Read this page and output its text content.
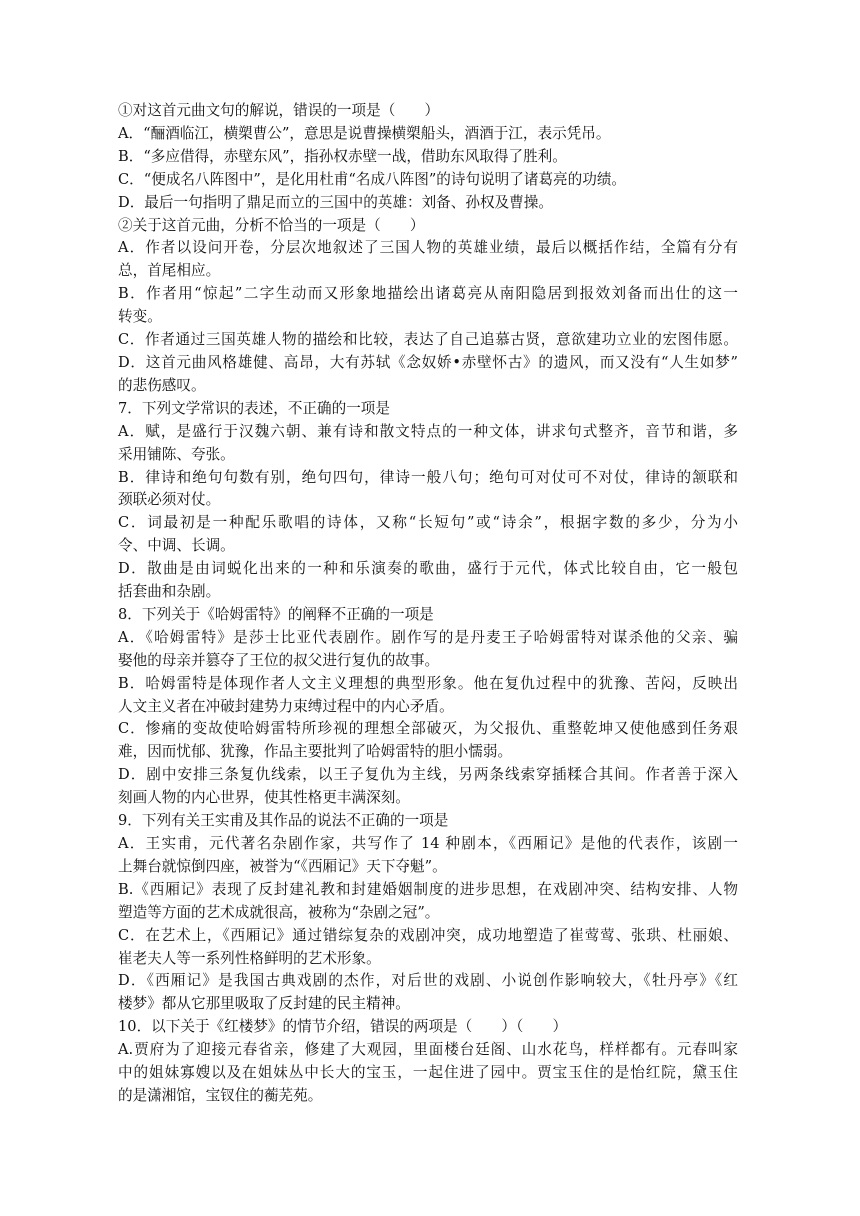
①对这首元曲文句的解说，错误的一项是（　　）
A．“酾酒临江，横槊曹公”，意思是说曹操横槊船头，酒酒于江，表示凭吊。
B．“多应借得，赤壁东风”，指孙权赤壁一战，借助东风取得了胜利。
C．“便成名八阵图中”，是化用杜甫“名成八阵图”的诗句说明了诸葛亮的功绩。
D．最后一句指明了鼎足而立的三国中的英雄：刘备、孙权及曹操。
②关于这首元曲，分析不恰当的一项是（　　）
A．作者以设问开卷，分层次地叙述了三国人物的英雄业绩，最后以概括作结，全篇有分有
总，首尾相应。
B．作者用“惊起”二字生动而又形象地描绘出诸葛亮从南阳隐居到报效刘备而出仕的这一
转变。
C．作者通过三国英雄人物的描绘和比较，表达了自己追慕古贤，意欲建功立业的宏图伟愿。
D．这首元曲风格雄健、高昂，大有苏轼《念奴娇•赤壁怀古》的遗风，而又没有“人生如梦”
的悲伤感叹。
7．下列文学常识的表述，不正确的一项是
A．赋，是盛行于汉魏六朝、兼有诗和散文特点的一种文体，讲求句式整齐，音节和谐，多
采用铺陈、夸张。
B．律诗和绝句句数有别，绝句四句，律诗一般八句；绝句可对仗可不对仗，律诗的颔联和
颈联必须对仗。
C．词最初是一种配乐歌唱的诗体，又称“长短句”或“诗余”，根据字数的多少，分为小
令、中调、长调。
D．散曲是由词蜕化出来的一种和乐演奏的歌曲，盛行于元代，体式比较自由，它一般包
括套曲和杂剧。
8．下列关于《哈姆雷特》的阐释不正确的一项是
A．《哈姆雷特》是莎士比亚代表剧作。剧作写的是丹麦王子哈姆雷特对谋杀他的父亲、骗
娶他的母亲并篡夺了王位的叔父进行复仇的故事。
B．哈姆雷特是体现作者人文主义理想的典型形象。他在复仇过程中的犹豫、苦闷，反映出
人文主义者在冲破封建势力束缚过程中的内心矛盾。
C．惨痛的变故使哈姆雷特所珍视的理想全部破灭，为父报仇、重整乾坤又使他感到任务艰
难，因而忧郁、犹豫，作品主要批判了哈姆雷特的胆小懦弱。
D．剧中安排三条复仇线索，以王子复仇为主线，另两条线索穿插糅合其间。作者善于深入
刻画人物的内心世界，使其性格更丰满深刻。
9．下列有关王实甫及其作品的说法不正确的一项是
A．王实甫，元代著名杂剧作家，共写作了 14 种剧本，《西厢记》是他的代表作，该剧一
上舞台就惊倒四座，被誉为“《西厢记》天下夺魁”。
B.《西厢记》表现了反封建礼教和封建婚姻制度的进步思想，在戏剧冲突、结构安排、人物
塑造等方面的艺术成就很高，被称为“杂剧之冠”。
C．在艺术上，《西厢记》通过错综复杂的戏剧冲突，成功地塑造了崔莺莺、张珙、杜丽娘、
崔老夫人等一系列性格鲜明的艺术形象。
D．《西厢记》是我国古典戏剧的杰作，对后世的戏剧、小说创作影响较大，《牡丹亭》《红
楼梦》都从它那里吸取了反封建的民主精神。
10．以下关于《红楼梦》的情节介绍，错误的两项是（　　）（　　）
A.贾府为了迎接元春省亲，修建了大观园，里面楼台廷阁、山水花鸟，样样都有。元春叫家
中的姐妹寡嫂以及在姐妹丛中长大的宝玉，一起住进了园中。贾宝玉住的是怡红院，黛玉住
的是潇湘馆，宝钗住的蘅芜苑。
